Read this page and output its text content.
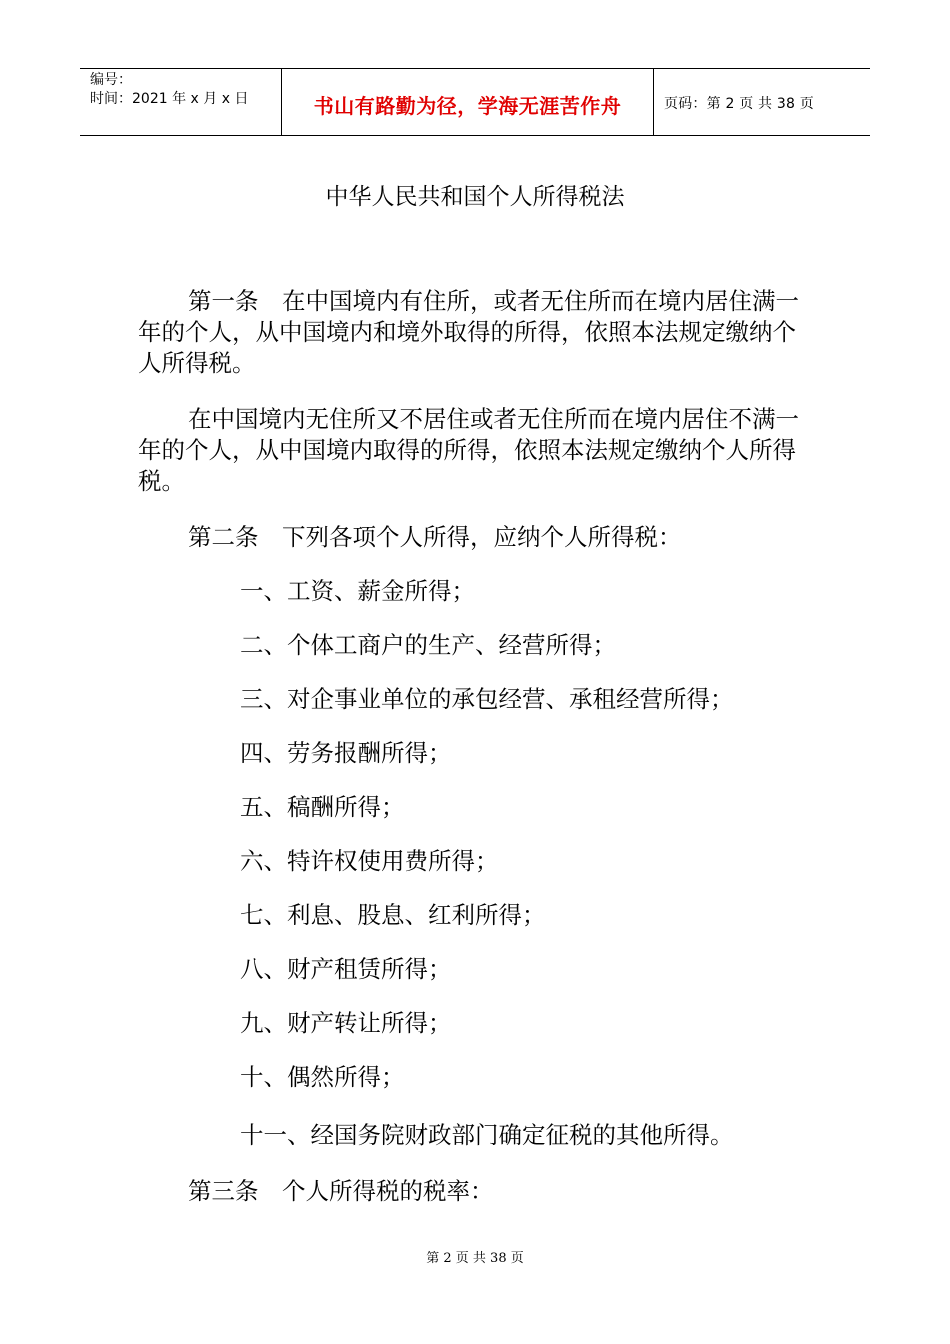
编号：
时间：2021 年 x 月 x 日	书山有路勤为径，学海无涯苦作舟	页码：第 2 页 共 38 页
中华人民共和国个人所得税法

第一条　在中国境内有住所，或者无住所而在境内居住满一年的个人，从中国境内和境外取得的所得，依照本法规定缴纳个人所得税。

在中国境内无住所又不居住或者无住所而在境内居住不满一年的个人，从中国境内取得的所得，依照本法规定缴纳个人所得税。

第二条　下列各项个人所得，应纳个人所得税：

一、工资、薪金所得；

二、个体工商户的生产、经营所得；

三、对企事业单位的承包经营、承租经营所得；

四、劳务报酬所得；

五、稿酬所得；

六、特许权使用费所得；

七、利息、股息、红利所得；

八、财产租赁所得；

九、财产转让所得；

十、偶然所得；

十一、经国务院财政部门确定征税的其他所得。

第三条　个人所得税的税率：

第 2 页 共 38 页
